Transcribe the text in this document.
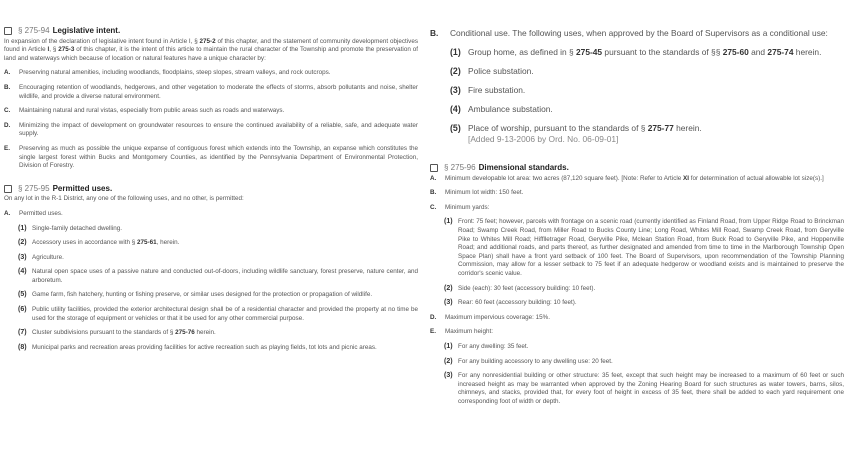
§ 275-94 Legislative intent.

In expansion of the declaration of legislative intent found in Article I, § 275-2 of this chapter, and the statement of community development objectives found in Article I, § 275-3 of this chapter, it is the intent of this article to maintain the rural character of the Township and promote the preservation of land and waterways which because of location or natural features have a unique character by:

A.	Preserving natural amenities, including woodlands, floodplains, steep slopes, stream valleys, and rock outcrops.
B.	Encouraging retention of woodlands, hedgerows, and other vegetation to moderate the effects of storms, absorb pollutants and noise, shelter wildlife, and provide a diverse natural environment.
C.	Maintaining natural and rural vistas, especially from public areas such as roads and waterways.
D.	Minimizing the impact of development on groundwater resources to ensure the continued availability of a reliable, safe, and adequate water supply.
E.	Preserving as much as possible the unique expanse of contiguous forest which extends into the Township, an expanse which constitutes the single largest forest within Bucks and Montgomery Counties, as identified by the Pennsylvania Department of Environmental Protection, Division of Forestry.
§ 275-95 Permitted uses.

On any lot in the R-1 District, any one of the following uses, and no other, is permitted:

A.	Permitted uses.
(1) Single-family detached dwelling.
(2) Accessory uses in accordance with § 275-61, herein.
(3) Agriculture.
(4) Natural open space uses of a passive nature and conducted out-of-doors, including wildlife sanctuary, forest preserve, nature center, and arboretum.
(5) Game farm, fish hatchery, hunting or fishing preserve, or similar uses designed for the protection or propagation of wildlife.
(6) Public utility facilities, provided the exterior architectural design shall be of a residential character and provided the property at no time be used for the storage of equipment or vehicles or that it be used for any other commercial purpose.
(7) Cluster subdivisions pursuant to the standards of § 275-76 herein.
(8) Municipal parks and recreation areas providing facilities for active recreation such as playing fields, tot lots and picnic areas.
B.	Conditional use. The following uses, when approved by the Board of Supervisors as a conditional use:
(1) Group home, as defined in § 275-45 pursuant to the standards of §§ 275-60 and 275-74 herein.
(2) Police substation.
(3) Fire substation.
(4) Ambulance substation.
(5) Place of worship, pursuant to the standards of § 275-77 herein.
[Added 9-13-2006 by Ord. No. 06-09-01]
§ 275-96 Dimensional standards.
A.	Minimum developable lot area: two acres (87,120 square feet). [Note: Refer to Article XI for determination of actual allowable lot size(s).]
B.	Minimum lot width: 150 feet.
C.	Minimum yards:
(1) Front: 75 feet; however, parcels with frontage on a scenic road (currently identified as Finland Road, from Upper Ridge Road to Brinckman Road; Swamp Creek Road, from Miller Road to Bucks County Line; Long Road, Whites Mill Road, Swamp Creek Road, from Geryville Pike to Whites Mill Road; Hifflletrager Road, Geryville Pike, Mclean Station Road, from Buck Road to Geryville Pike, and Hoppenville Road; and additional roads, and parts thereof, as further designated and amended from time to time in the Marlborough Township Open Space Plan) shall have a front yard setback of 100 feet. The Board of Supervisors, upon recommendation of the Township Planning Commission, may allow for a lesser setback to 75 feet if an adequate hedgerow or woodland exists and is maintained to preserve the corridor's scenic value.
(2) Side (each): 30 feet (accessory building: 10 feet).
(3) Rear: 60 feet (accessory building: 10 feet).
D.	Maximum impervious coverage: 15%.
E.	Maximum height:
(1) For any dwelling: 35 feet.
(2) For any building accessory to any dwelling use: 20 feet.
(3) For any nonresidential building or other structure: 35 feet, except that such height may be increased to a maximum of 60 feet or such increased height as may be warranted when approved by the Zoning Hearing Board for such structures as water towers, barns, silos, chimneys, and stacks, provided that, for every foot of height in excess of 35 feet, there shall be added to each yard requirement one corresponding foot of width or depth.
